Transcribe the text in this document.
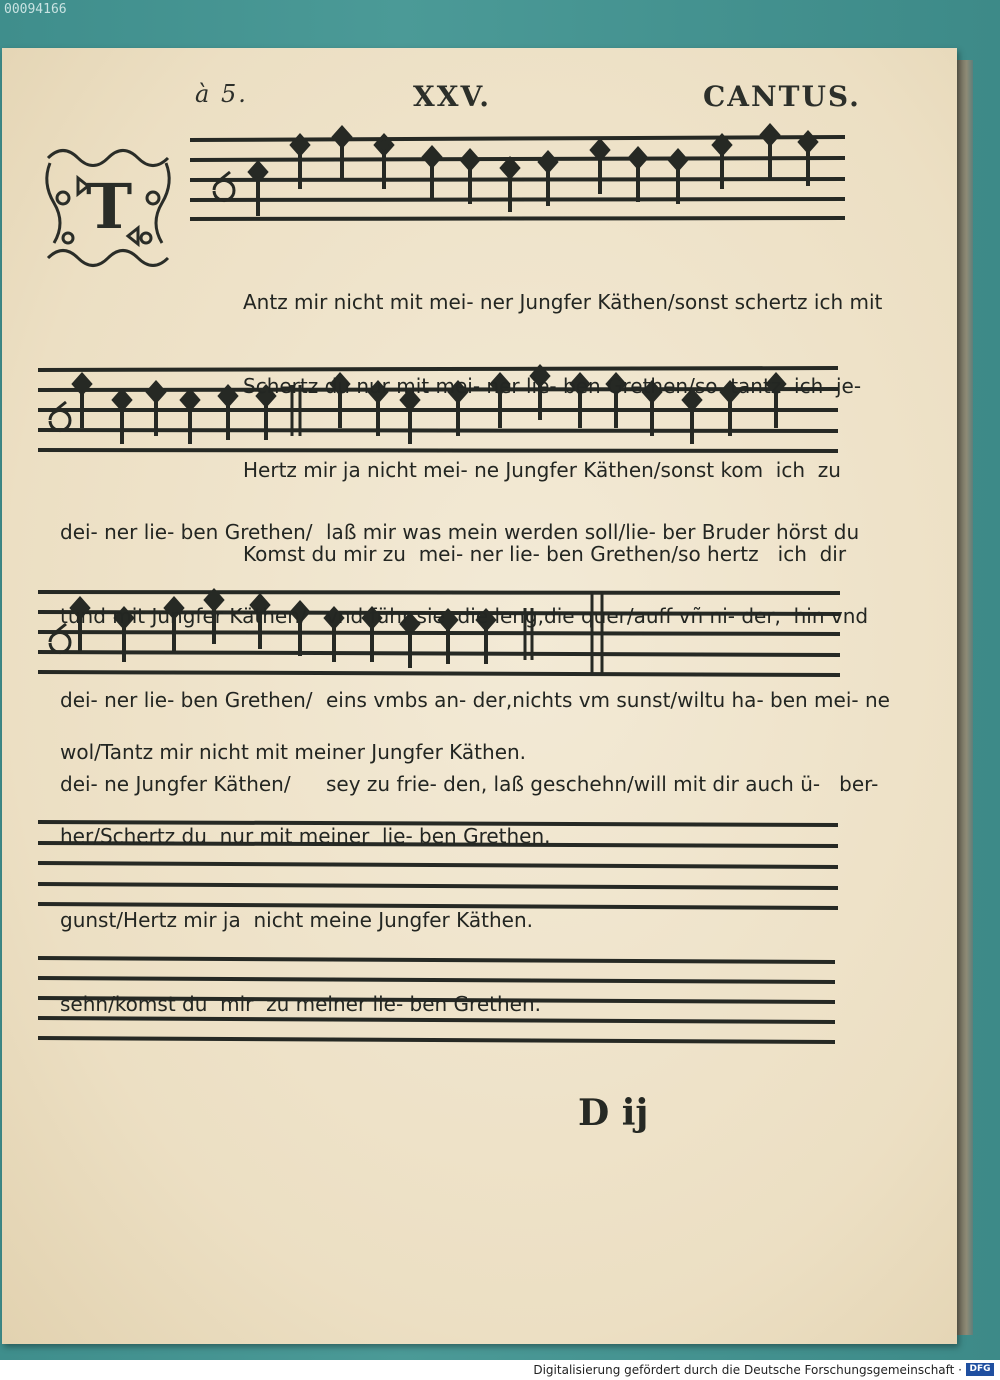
00094166
à 5.	XXV.	CANTUS.
T

Antz mir nicht mit mei- ner Jungfer Käthen/sonst schertz ich mit

Schertz du nur mit mei- ner lie- ben Grethen/so  tantz  ich  je-

Hertz mir ja nicht mei- ne Jungfer Käthen/sonst kom  ich  zu

Komst du mir zu  mei- ner lie- ben Grethen/so hertz   ich  dir

dei- ner lie- ben Grethen/

tund mit Jungfer Käthen/

dei- ner lie- ben Grethen/

dei- ne Jungfer Käthen/

laß mir was mein werden soll/lie- ber Bruder hörst du

vnd führ sie  die leng,die quer/auff vñ ni- der,  hin vnd

eins vmbs an- der,nichts vm sunst/wiltu ha- ben mei- ne

sey zu frie- den, laß geschehn/will mit dir auch ü-   ber-

wol/Tantz mir nicht mit meiner Jungfer Käthen.

her/Schertz du  nur mit meiner  lie- ben Grethen.

gunst/Hertz mir ja  nicht meine Jungfer Käthen.

sehn/komst du  mir  zu meiner lie- ben Grethen.

D ij
Digitalisierung gefördert durch die Deutsche Forschungsgemeinschaft · DFG
